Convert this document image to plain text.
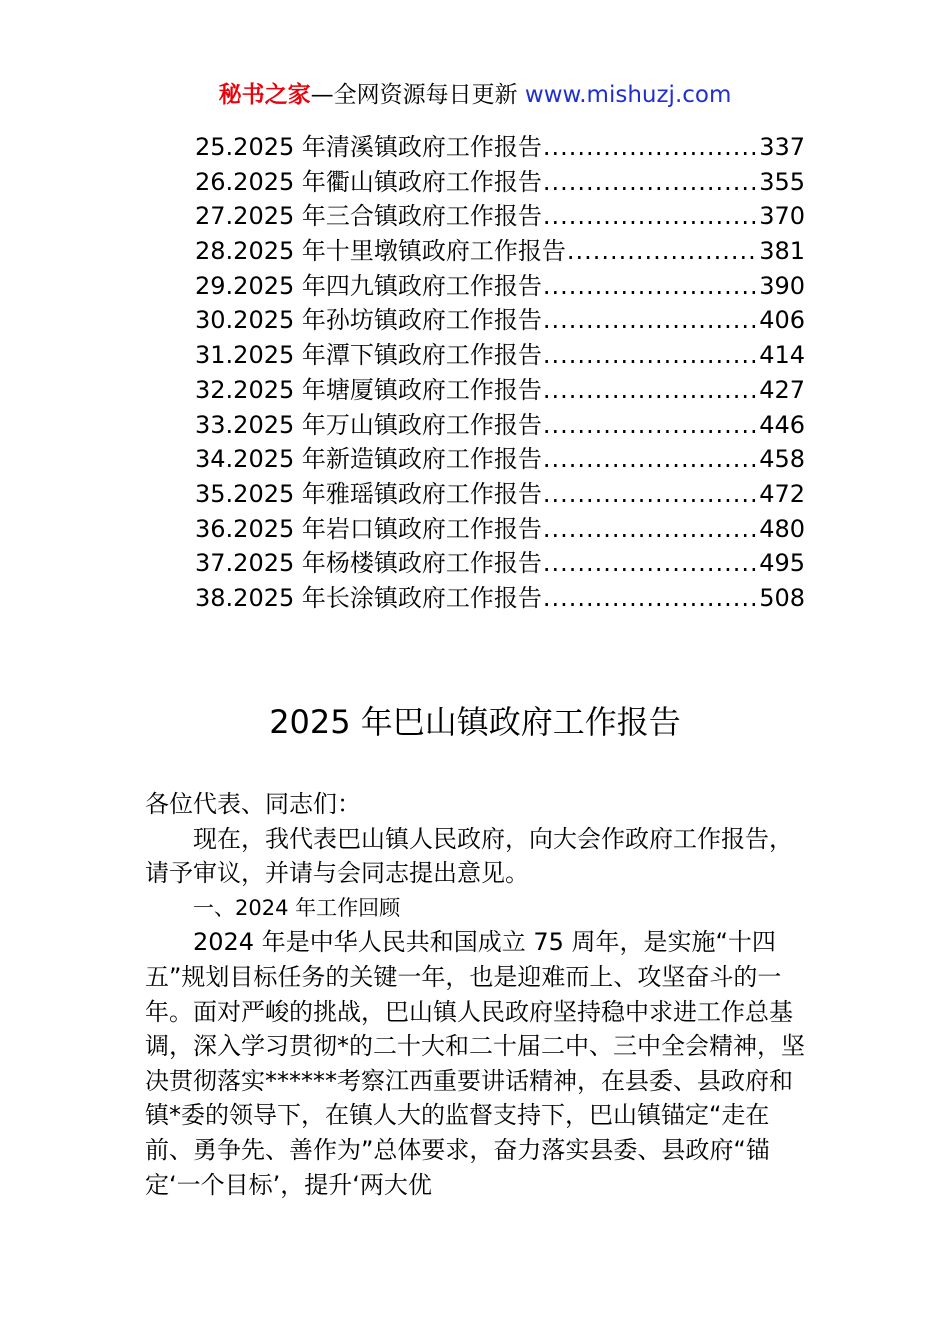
秘书之家—全网资源每日更新 www.mishuzj.com
25.2025 年清溪镇政府工作报告 .....	337
26.2025 年衢山镇政府工作报告 .....	355
27.2025 年三合镇政府工作报告 .....	370
28.2025 年十里墩镇政府工作报告 .....	381
29.2025 年四九镇政府工作报告 .....	390
30.2025 年孙坊镇政府工作报告 .....	406
31.2025 年潭下镇政府工作报告 .....	414
32.2025 年塘厦镇政府工作报告 .....	427
33.2025 年万山镇政府工作报告 .....	446
34.2025 年新造镇政府工作报告 .....	458
35.2025 年雅瑶镇政府工作报告 .....	472
36.2025 年岩口镇政府工作报告 .....	480
37.2025 年杨楼镇政府工作报告 .....	495
38.2025 年长涂镇政府工作报告 .....	508
2025 年巴山镇政府工作报告

各位代表、同志们：

现在，我代表巴山镇人民政府，向大会作政府工作报告，请予审议，并请与会同志提出意见。

一、2024 年工作回顾

2024 年是中华人民共和国成立 75 周年，是实施“十四五”规划目标任务的关键一年，也是迎难而上、攻坚奋斗的一年。面对严峻的挑战，巴山镇人民政府坚持稳中求进工作总基调，深入学习贯彻*的二十大和二十届二中、三中全会精神，坚决贯彻落实******考察江西重要讲话精神，在县委、县政府和镇*委的领导下，在镇人大的监督支持下，巴山镇锚定“走在前、勇争先、善作为”总体要求，奋力落实县委、县政府“锚定‘一个目标’，提升‘两大优
